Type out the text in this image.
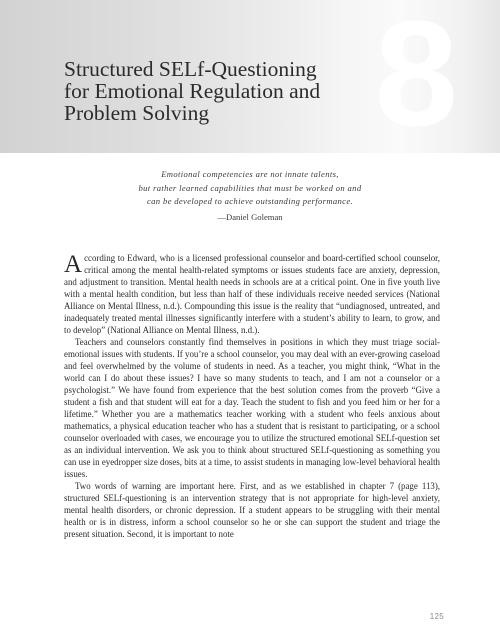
8
Structured SELf-Questioning
for Emotional Regulation and
Problem Solving
Emotional competencies are not innate talents,
but rather learned capabilities that must be worked on and
can be developed to achieve outstanding performance.
—Daniel Goleman

According to Edward, who is a licensed professional counselor and board-certified school counselor, critical among the mental health-related symptoms or issues students face are anxiety, depression, and adjustment to transition. Mental health needs in schools are at a critical point. One in five youth live with a mental health condition, but less than half of these individuals receive needed services (National Alliance on Mental Illness, n.d.). Compounding this issue is the reality that “undiagnosed, untreated, and inadequately treated mental illnesses significantly interfere with a student’s ability to learn, to grow, and to develop” (National Alliance on Mental Illness, n.d.).

Teachers and counselors constantly find themselves in positions in which they must triage social-emotional issues with students. If you’re a school counselor, you may deal with an ever-growing caseload and feel overwhelmed by the volume of students in need. As a teacher, you might think, “What in the world can I do about these issues? I have so many students to teach, and I am not a counselor or a psychologist.” We have found from experience that the best solution comes from the proverb “Give a student a fish and that student will eat for a day. Teach the student to fish and you feed him or her for a lifetime.” Whether you are a mathematics teacher working with a student who feels anxious about mathematics, a physical education teacher who has a student that is resistant to participating, or a school counselor overloaded with cases, we encourage you to utilize the structured emotional SELf-question set as an individual intervention. We ask you to think about structured SELf-questioning as something you can use in eyedropper size doses, bits at a time, to assist students in managing low-level behavioral health issues.

Two words of warning are important here. First, and as we established in chapter 7 (page 113), structured SELf-questioning is an intervention strategy that is not appropriate for high-level anxiety, mental health disorders, or chronic depression. If a student appears to be struggling with their mental health or is in distress, inform a school counselor so he or she can support the student and triage the present situation. Second, it is important to note

125
